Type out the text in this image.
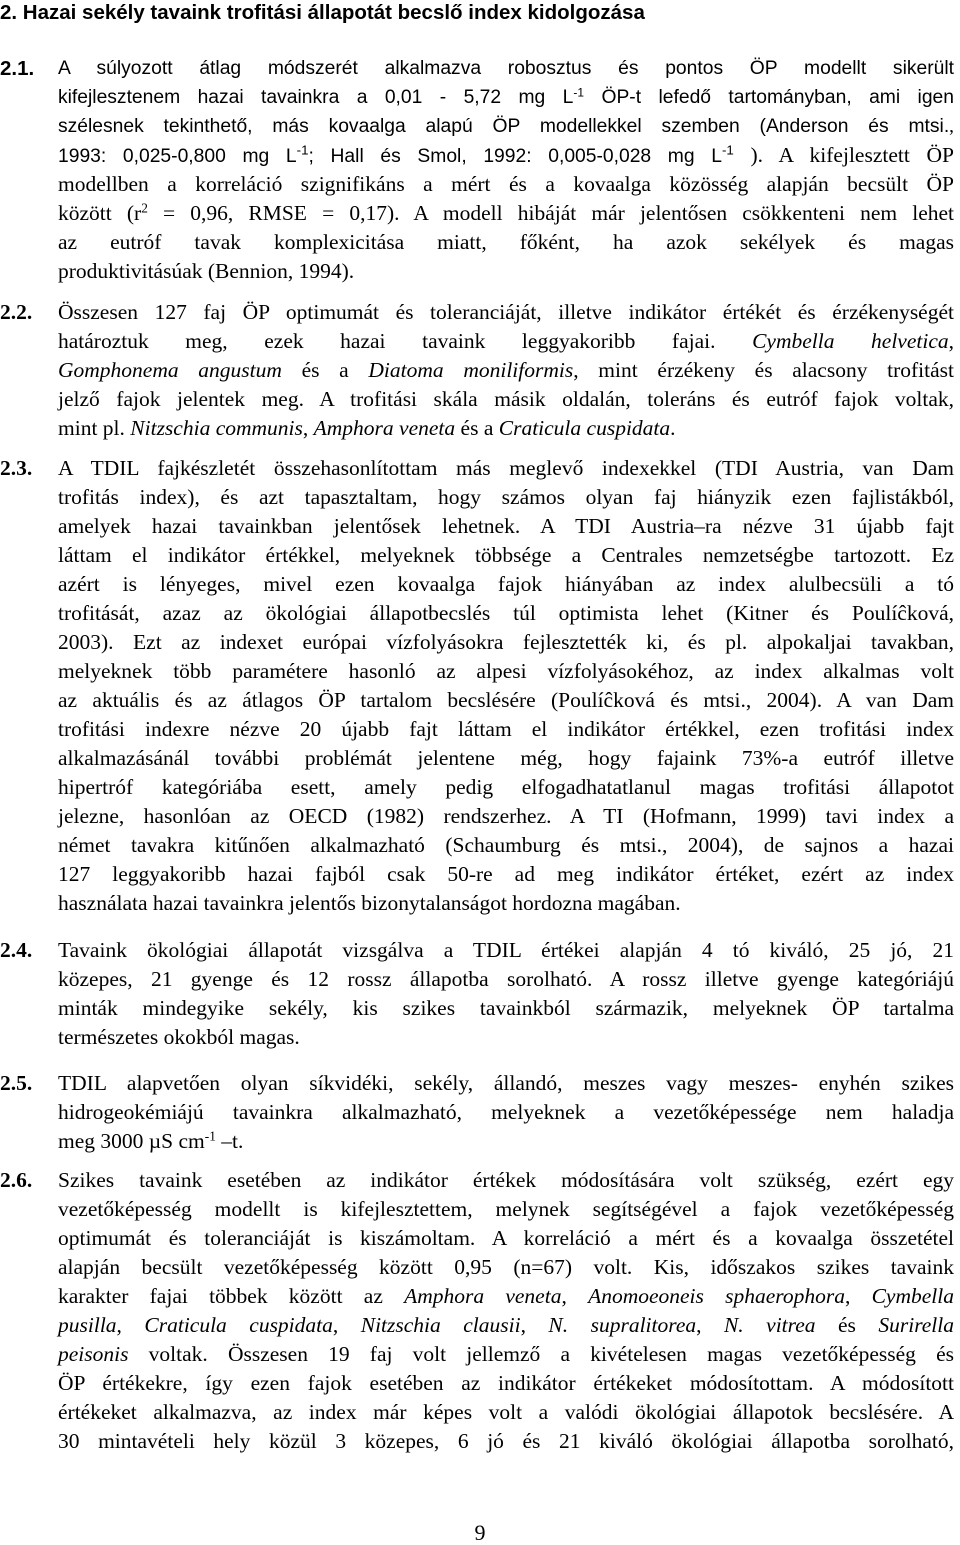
2. Hazai sekély tavaink trofitási állapotát becslő index kidolgozása
2.1. A súlyozott átlag módszerét alkalmazva robosztus és pontos ÖP modellt sikerült
kifejlesztenem hazai tavainkra a 0,01 - 5,72 mg $L^{-1}$ ÖP-t lefedő tartományban, ami igen
szélesnek tekinthető, más kovaalga alapú ÖP modellekkel szemben (Anderson és mtsi.,
1993: 0,025-0,800 mg $L^{-1}$; Hall és Smol, 1992: 0,005-0,028 mg $L^{-1}$ ). A kifejlesztett ÖP
modellben a korreláció szignifikáns a mért és a kovaalga közösség alapján becsült ÖP
között ($r^2 = 0,96$, RMSE = 0,17). A modell hibáját már jelentősen csökkenteni nem lehet
az eutróf tavak komplexicitása miatt, főként, ha azok sekélyek és magas
produktivitásúak (Bennion, 1994).
2.2. Összesen 127 faj ÖP optimumát és toleranciáját, illetve indikátor értékét és érzékenységét
határoztuk meg, ezek hazai tavaink leggyakoribb fajai. Cymbella helvetica,
Gomphonema angustum és a Diatoma moniliformis, mint érzékeny és alacsony trofitást
jelző fajok jelentek meg. A trofitási skála másik oldalán, toleráns és eutróf fajok voltak,
mint pl. Nitzschia communis, Amphora veneta és a Craticula cuspidata.
2.3. A TDIL fajkészletét összehasonlítottam más meglevő indexekkel (TDI Austria, van Dam
trofitás index), és azt tapasztaltam, hogy számos olyan faj hiányzik ezen fajlistákból,
amelyek hazai tavainkban jelentősek lehetnek. A TDI Austria–ra nézve 31 újabb fajt
láttam el indikátor értékkel, melyeknek többsége a Centrales nemzetségbe tartozott. Ez
azért is lényeges, mivel ezen kovaalga fajok hiányában az index alulbecsüli a tó
trofitását, azaz az ökológiai állapotbecslés túl optimista lehet (Kitner és Poulíĉková,
2003). Ezt az indexet európai vízfolyásokra fejlesztették ki, és pl. alpokaljai tavakban,
melyeknek több paramétere hasonló az alpesi vízfolyásokéhoz, az index alkalmas volt
az aktuális és az átlagos ÖP tartalom becslésére (Poulíĉková és mtsi., 2004). A van Dam
trofitási indexre nézve 20 újabb fajt láttam el indikátor értékkel, ezen trofitási index
alkalmazásánál további problémát jelentene még, hogy fajaink 73%-a eutróf illetve
hipertróf kategóriába esett, amely pedig elfogadhatatlanul magas trofitási állapotot
jelezne, hasonlóan az OECD (1982) rendszerhez. A TI (Hofmann, 1999) tavi index a
német tavakra kitűnően alkalmazható (Schaumburg és mtsi., 2004), de sajnos a hazai
127 leggyakoribb hazai fajból csak 50-re ad meg indikátor értéket, ezért az index
használata hazai tavainkra jelentős bizonytalanságot hordozna magában.
2.4. Tavaink ökológiai állapotát vizsgálva a TDIL értékei alapján 4 tó kiváló, 25 jó, 21
közepes, 21 gyenge és 12 rossz állapotba sorolható. A rossz illetve gyenge kategóriájú
minták mindegyike sekély, kis szikes tavainkból származik, melyeknek ÖP tartalma
természetes okokból magas.
2.5. TDIL alapvetően olyan síkvidéki, sekély, állandó, meszes vagy meszes- enyhén szikes
hidrogeokémiájú tavainkra alkalmazható, melyeknek a vezetőképessége nem haladja
meg 3000 µS $cm^{-1}$ –t.
2.6. Szikes tavaink esetében az indikátor értékek módosítására volt szükség, ezért egy
vezetőképesség modellt is kifejlesztettem, melynek segítségével a fajok vezetőképesség
optimumát és toleranciáját is kiszámoltam. A korreláció a mért és a kovaalga összetétel
alapján becsült vezetőképesség között 0,95 (n=67) volt. Kis, időszakos szikes tavaink
karakter fajai többek között az Amphora veneta, Anomoeoneis sphaerophora, Cymbella
pusilla, Craticula cuspidata, Nitzschia clausii, N. supralitorea, N. vitrea és Surirella
peisonis voltak. Összesen 19 faj volt jellemző a kivételesen magas vezetőképesség és
ÖP értékekre, így ezen fajok esetében az indikátor értékeket módosítottam. A módosított
értékeket alkalmazva, az index már képes volt a valódi ökológiai állapotok becslésére. A
30 mintavételi hely közül 3 közepes, 6 jó és 21 kiváló ökológiai állapotba sorolható,
9
